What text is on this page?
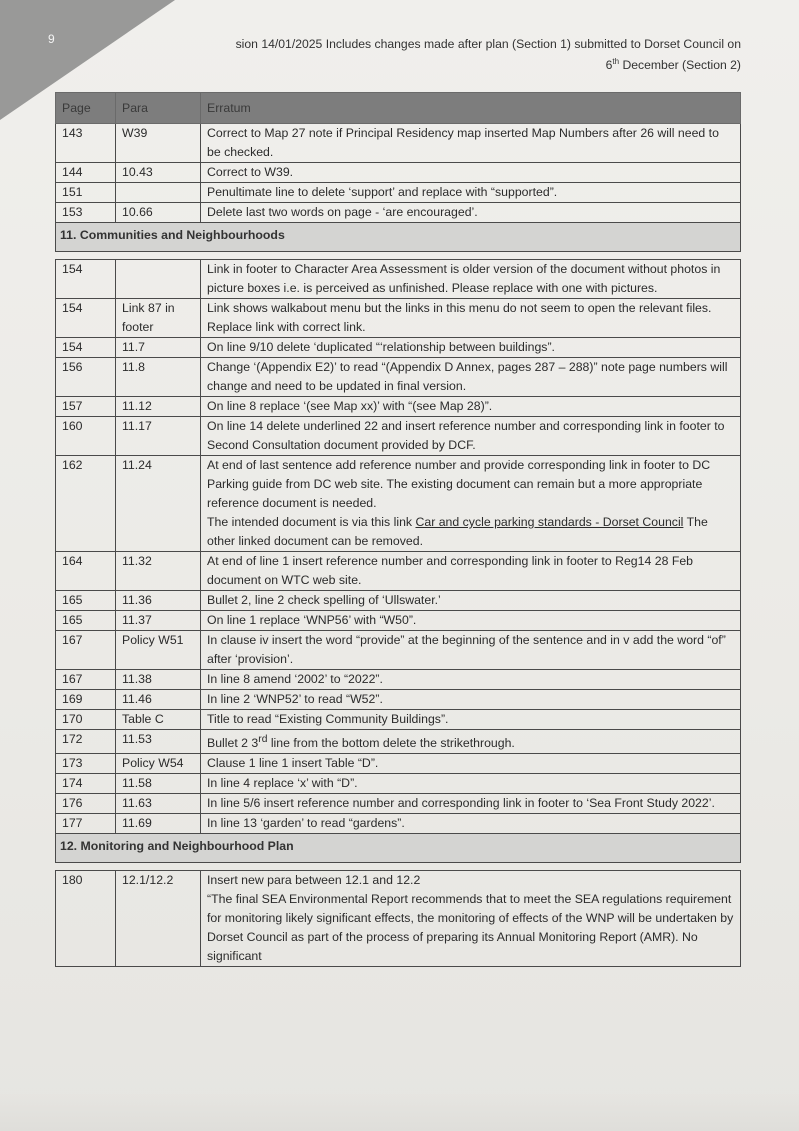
9	sion 14/01/2025 Includes changes made after plan (Section 1) submitted to Dorset Council on
6th December (Section 2)
Page	Para	Erratum
143	W39	Correct to Map 27 note if Principal Residency map inserted Map Numbers after 26 will need to be checked.
144	10.43	Correct to W39.
151		Penultimate line to delete ‘support’ and replace with “supported”.
153	10.66	Delete last two words on page - ‘are encouraged’.
11. Communities and Neighbourhoods		

154		Link in footer to Character Area Assessment is older version of the document without photos in picture boxes i.e. is perceived as unfinished. Please replace with one with pictures.
154	Link 87 in footer	Link shows walkabout menu but the links in this menu do not seem to open the relevant files. Replace link with correct link.
154	11.7	On line 9/10 delete ‘duplicated “‘relationship between buildings”.
156	11.8	Change ‘(Appendix E2)’ to read “(Appendix D Annex, pages 287 – 288)” note page numbers will change and need to be updated in final version.
157	11.12	On line 8 replace ‘(see Map xx)’ with “(see Map 28)”.
160	11.17	On line 14 delete underlined 22 and insert reference number and corresponding link in footer to Second Consultation document provided by DCF.
162	11.24	At end of last sentence add reference number and provide corresponding link in footer to DC Parking guide from DC web site. The existing document can remain but a more appropriate reference document is needed.
The intended document is via this link Car and cycle parking standards - Dorset Council The other linked document can be removed.
164	11.32	At end of line 1 insert reference number and corresponding link in footer to Reg14 28 Feb document on WTC web site.
165	11.36	Bullet 2, line 2 check spelling of ‘Ullswater.’
165	11.37	On line 1 replace ‘WNP56’ with “W50”.
167	Policy W51	In clause iv insert the word “provide” at the beginning of the sentence and in v add the word “of” after ‘provision’.
167	11.38	In line 8 amend ‘2002’ to “2022”.
169	11.46	In line 2 ‘WNP52’ to read “W52”.
170	Table C	Title to read “Existing Community Buildings”.
172	11.53	Bullet 2 3rd line from the bottom delete the strikethrough.
173	Policy W54	Clause 1 line 1 insert Table “D”.
174	11.58	In line 4 replace ‘x’ with “D”.
176	11.63	In line 5/6 insert reference number and corresponding link in footer to ‘Sea Front Study 2022’.
177	11.69	In line 13 ‘garden’ to read “gardens”.
12. Monitoring and Neighbourhood Plan		

180	12.1/12.2	Insert new para between 12.1 and 12.2
“The final SEA Environmental Report recommends that to meet the SEA regulations requirement for monitoring likely significant effects, the monitoring of effects of the WNP will be undertaken by Dorset Council as part of the process of preparing its Annual Monitoring Report (AMR). No significant
